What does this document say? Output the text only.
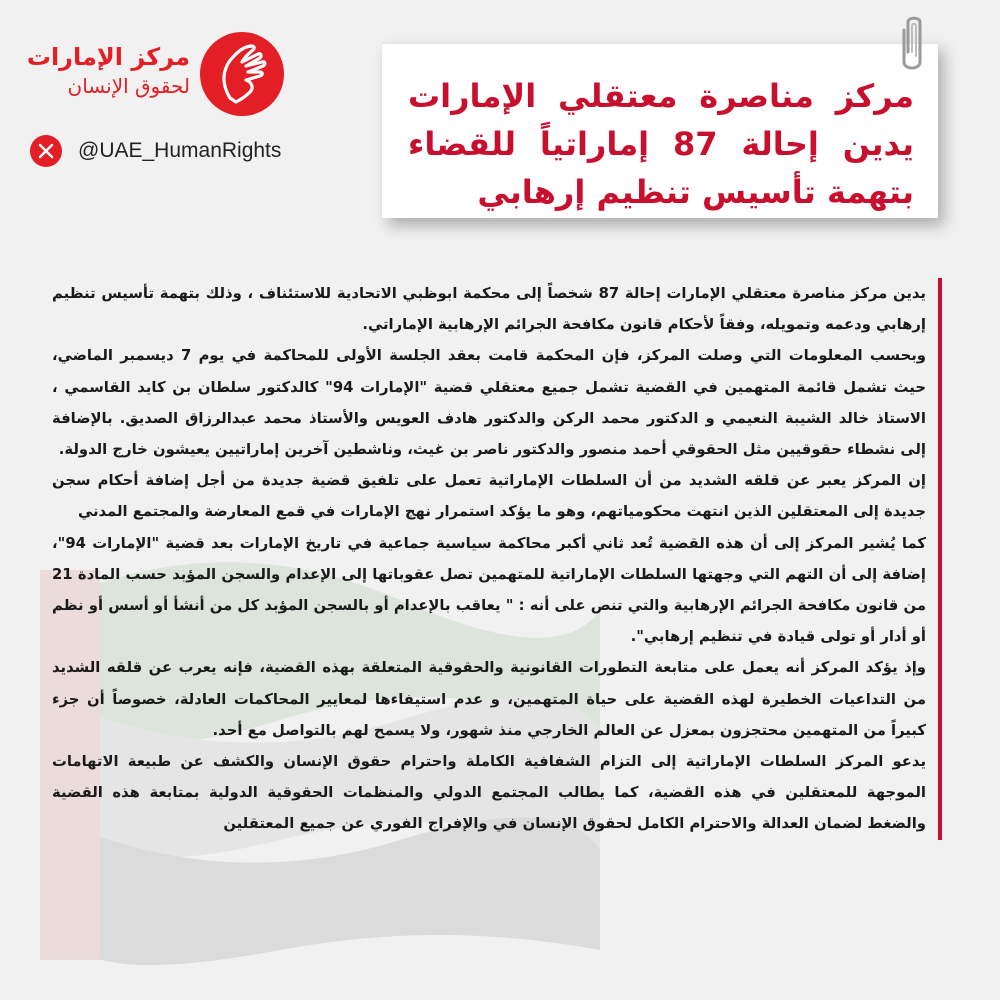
مركز الإمارات
لحقوق الإنسان
@UAE_HumanRights
مركز مناصرة معتقلي الإمارات
يدين إحالة 87 إماراتياً للقضاء
بتهمة تأسيس تنظيم إرهابي

يدين مركز مناصرة معتقلي الإمارات إحالة 87 شخصاً إلى محكمة ابوظبي الاتحادية للاستئناف ، وذلك بتهمة تأسيس تنظيم إرهابي ودعمه وتمويله، وفقاً لأحكام قانون مكافحة الجرائم الإرهابية الإماراتي.

وبحسب المعلومات التي وصلت المركز، فإن المحكمة قامت بعقد الجلسة الأولى للمحاكمة في يوم 7 ديسمبر الماضي، حيث تشمل قائمة المتهمين في القضية تشمل جميع معتقلي قضية "الإمارات 94" كالدكتور سلطان بن كايد القاسمي ، الاستاذ خالد الشيبة النعيمي و الدكتور محمد الركن والدكتور هادف العويس والأستاذ محمد عبدالرزاق الصديق. بالإضافة إلى نشطاء حقوقيين مثل الحقوقي أحمد منصور والدكتور ناصر بن غيث، وناشطين آخرين إماراتيين يعيشون خارج الدولة.

إن المركز يعبر عن قلقه الشديد من أن السلطات الإماراتية تعمل على تلفيق قضية جديدة من أجل إضافة أحكام سجن جديدة إلى المعتقلين الذين انتهت محكومياتهم، وهو ما يؤكد استمرار نهج الإمارات في قمع المعارضة والمجتمع المدني

كما يُشير المركز إلى أن هذه القضية تُعد ثاني أكبر محاكمة سياسية جماعية في تاريخ الإمارات بعد قضية "الإمارات 94"، إضافة إلى أن التهم التي وجهتها السلطات الإماراتية للمتهمين تصل عقوباتها إلى الإعدام والسجن المؤبد حسب المادة 21 من قانون مكافحة الجرائم الإرهابية والتي تنص على أنه : " يعاقب بالإعدام أو بالسجن المؤبد كل من أنشأ أو أسس أو نظم أو أدار أو تولى قيادة في تنظيم إرهابي".

وإذ يؤكد المركز أنه يعمل على متابعة التطورات القانونية والحقوقية المتعلقة بهذه القضية، فإنه يعرب عن قلقه الشديد من التداعيات الخطيرة لهذه القضية على حياة المتهمين، و عدم استيفاءها لمعايير المحاكمات العادلة، خصوصاً أن جزء كبيراً من المتهمين محتجزون بمعزل عن العالم الخارجي منذ شهور، ولا يسمح لهم بالتواصل مع أحد.

يدعو المركز السلطات الإماراتية إلى التزام الشفافية الكاملة واحترام حقوق الإنسان والكشف عن طبيعة الاتهامات الموجهة للمعتقلين في هذه القضية، كما يطالب المجتمع الدولي والمنظمات الحقوقية الدولية بمتابعة هذه القضية والضغط لضمان العدالة والاحترام الكامل لحقوق الإنسان في والإفراج الفوري عن جميع المعتقلين
